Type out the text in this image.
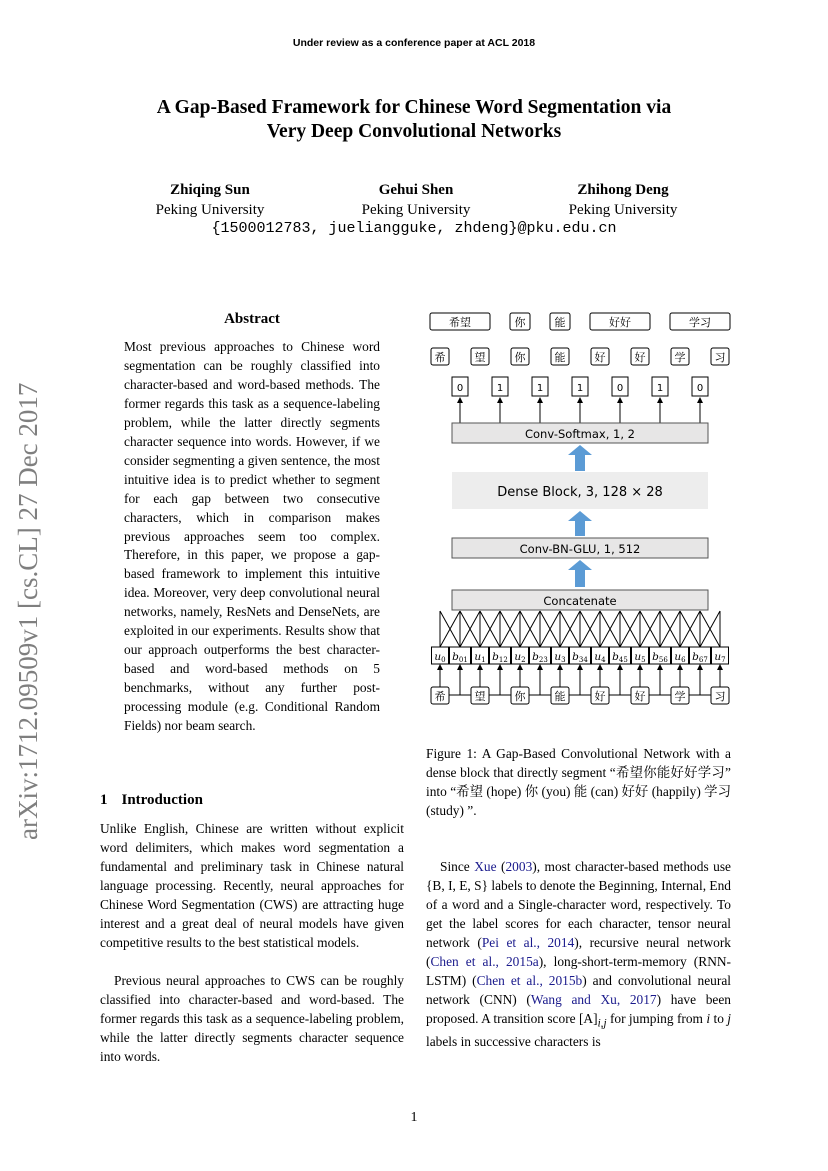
Under review as a conference paper at ACL 2018
A Gap-Based Framework for Chinese Word Segmentation via
Very Deep Convolutional Networks
Zhiqing Sun
Peking University
Gehui Shen
Peking University
Zhihong Deng
Peking University
{1500012783, juelianggukе, zhdeng}@pku.edu.cn
arXiv:1712.09509v1 [cs.CL] 27 Dec 2017
Abstract
Most previous approaches to Chinese word segmentation can be roughly classified into character-based and word-based methods. The former regards this task as a sequence-labeling problem, while the latter directly segments character sequence into words. However, if we consider segmenting a given sentence, the most intuitive idea is to predict whether to segment for each gap between two consecutive characters, which in comparison makes previous approaches seem too complex. Therefore, in this paper, we propose a gap-based framework to implement this intuitive idea. Moreover, very deep convolutional neural networks, namely, ResNets and DenseNets, are exploited in our experiments. Results show that our approach outperforms the best character-based and word-based methods on 5 benchmarks, without any further post-processing module (e.g. Conditional Random Fields) nor beam search.
1 Introduction
Unlike English, Chinese are written without explicit word delimiters, which makes word segmentation a fundamental and preliminary task in Chinese natural language processing. Recently, neural approaches for Chinese Word Segmentation (CWS) are attracting huge interest and a great deal of neural models have given competitive results to the best statistical models.
Previous neural approaches to CWS can be roughly classified into character-based and word-based. The former regards this task as a sequence-labeling problem, while the latter directly segments character sequence into words.
希望	你	能	好好	学习
希	望	你	能	好	好	学	习
0	1	1	1	0	1	0
Conv-Softmax, 1, 2
Dense Block, 3, 128 × 28
Conv-BN-GLU, 1, 512
Concatenate
u0 b01 u1 b12 u2 b23 u3 b34 u4 b45 u5 b56 u6 b67 u7
希	望	你	能	好	好	学	习
Figure 1: A Gap-Based Convolutional Network with a dense block that directly segment “希望你能好好学习” into “希望 (hope) 你 (you) 能 (can) 好好 (happily) 学习 (study) ”.
Since Xue (2003), most character-based methods use {B, I, E, S} labels to denote the Beginning, Internal, End of a word and a Single-character word, respectively. To get the label scores for each character, tensor neural network (Pei et al., 2014), recursive neural network (Chen et al., 2015a), long-short-term-memory (RNN-LSTM) (Chen et al., 2015b) and convolutional neural network (CNN) (Wang and Xu, 2017) have been proposed. A transition score $[A]_{i,j}$ for jumping from i to j labels in successive characters is
1
